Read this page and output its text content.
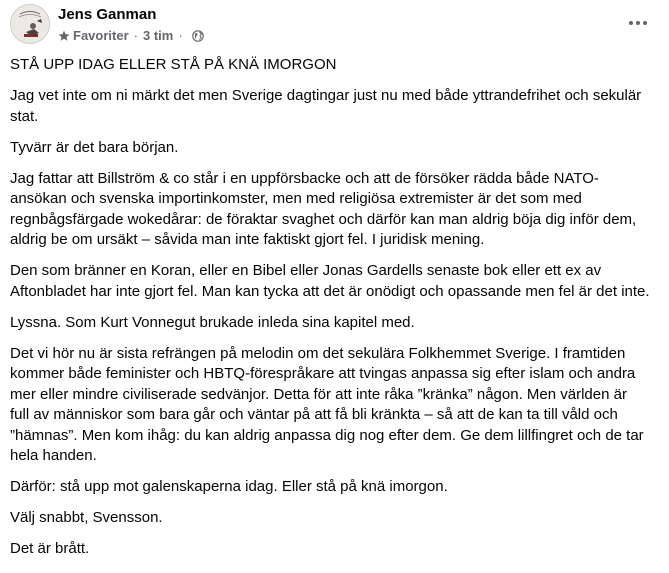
Jens Ganman
Favoriter · 3 tim ·

STÅ UPP IDAG ELLER STÅ PÅ KNÄ IMORGON

Jag vet inte om ni märkt det men Sverige dagtingar just nu med både yttrandefrihet och sekulär stat.

Tyvärr är det bara början.

Jag fattar att Billström & co står i en uppförsbacke och att de försöker rädda både NATO-ansökan och svenska importinkomster, men med religiösa extremister är det som med regnbågsfärgade wokedårar: de föraktar svaghet och därför kan man aldrig böja dig inför dem, aldrig be om ursäkt – såvida man inte faktiskt gjort fel. I juridisk mening.

Den som bränner en Koran, eller en Bibel eller Jonas Gardells senaste bok eller ett ex av Aftonbladet har inte gjort fel. Man kan tycka att det är onödigt och opassande men fel är det inte.

Lyssna. Som Kurt Vonnegut brukade inleda sina kapitel med.

Det vi hör nu är sista refrängen på melodin om det sekulära Folkhemmet Sverige. I framtiden kommer både feminister och HBTQ-förespråkare att tvingas anpassa sig efter islam och andra mer eller mindre civiliserade sedvänjor. Detta för att inte råka ”kränka” någon. Men världen är full av människor som bara går och väntar på att få bli kränkta – så att de kan ta till våld och ”hämnas”. Men kom ihåg: du kan aldrig anpassa dig nog efter dem. Ge dem lillfingret och de tar hela handen.

Därför: stå upp mot galenskaperna idag. Eller stå på knä imorgon.

Välj snabbt, Svensson.

Det är brått.
